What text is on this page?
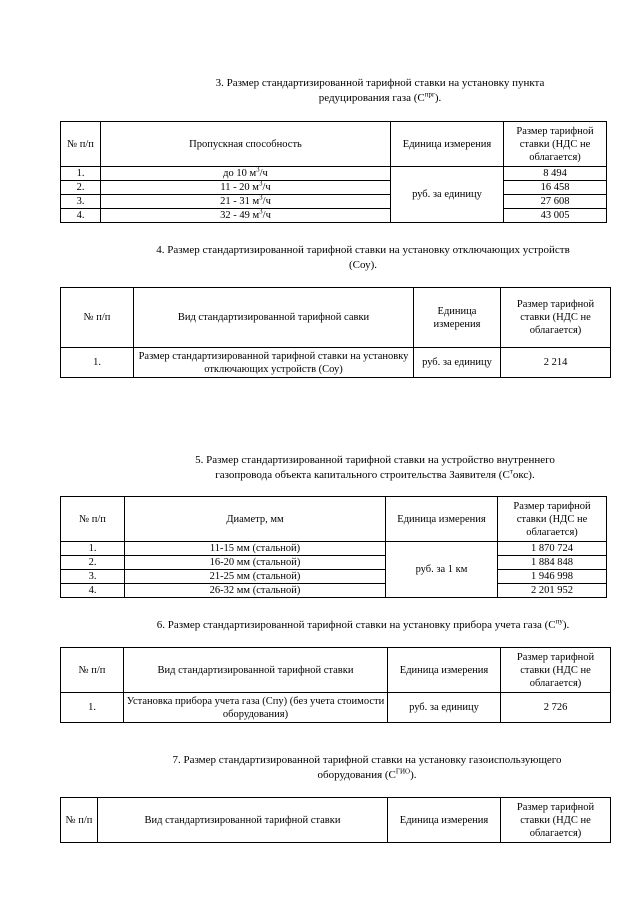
3. Размер стандартизированной тарифной ставки на установку пункта
редуцирования газа $(С^{прг})$.
№ п/п	Пропускная способность	Единица измерения	Размер тарифной ставки (НДС не облагается)
1.	до 10 $м^3/ч$	руб. за единицу	8 494
2.	11 - 20 $м^3/ч$		16 458
3.	21 - 31 $м^3/ч$		27 608
4.	32 - 49 $м^3/ч$		43 005
4. Размер стандартизированной тарифной ставки на установку отключающих устройств
(Соу).
№ п/п	Вид стандартизированной тарифной савки	Единица измерения	Размер тарифной ставки (НДС не облагается)
1.	Размер стандартизированной тарифной ставки на установку отключающих устройств (Соу)	руб. за единицу	2 214
5. Размер стандартизированной тарифной ставки на устройство внутреннего
газопровода объекта капитального строительства Заявителя $(С^токс)$.
№ п/п	Диаметр, мм	Единица измерения	Размер тарифной ставки (НДС не облагается)
1.	11-15 мм (стальной)	руб. за 1 км	1 870 724
2.	16-20 мм (стальной)		1 884 848
3.	21-25 мм (стальной)		1 946 998
4.	26-32 мм (стальной)		2 201 952
6. Размер стандартизированной тарифной ставки на установку прибора учета газа $(С^{пу})$.
№ п/п	Вид стандартизированной тарифной ставки	Единица измерения	Размер тарифной ставки (НДС не облагается)
1.	Установка прибора учета газа (Спу) (без учета стоимости оборудования)	руб. за единицу	2 726
7. Размер стандартизированной тарифной ставки на установку газоиспользующего
оборудования $(С^{ГИО})$.
№ п/п	Вид стандартизированной тарифной ставки	Единица измерения	Размер тарифной ставки (НДС не облагается)
